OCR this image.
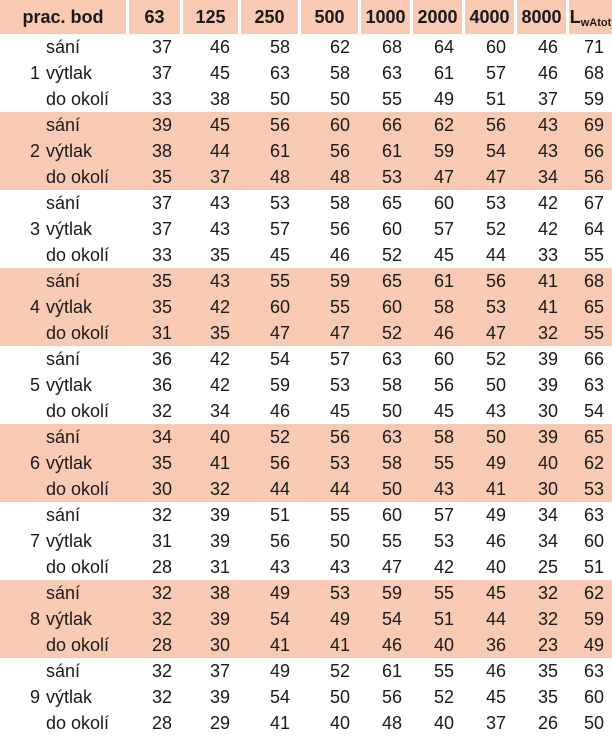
prac. bod		63	125	250	500	1000	2000	4000	8000	$L_{wAtot}$
	sání	37	46	58	62	68	64	60	46	71
1	výtlak	37	45	63	58	63	61	57	46	68
	do okolí	33	38	50	50	55	49	51	37	59
	sání	39	45	56	60	66	62	56	43	69
2	výtlak	38	44	61	56	61	59	54	43	66
	do okolí	35	37	48	48	53	47	47	34	56
	sání	37	43	53	58	65	60	53	42	67
3	výtlak	37	43	57	56	60	57	52	42	64
	do okolí	33	35	45	46	52	45	44	33	55
	sání	35	43	55	59	65	61	56	41	68
4	výtlak	35	42	60	55	60	58	53	41	65
	do okolí	31	35	47	47	52	46	47	32	55
	sání	36	42	54	57	63	60	52	39	66
5	výtlak	36	42	59	53	58	56	50	39	63
	do okolí	32	34	46	45	50	45	43	30	54
	sání	34	40	52	56	63	58	50	39	65
6	výtlak	35	41	56	53	58	55	49	40	62
	do okolí	30	32	44	44	50	43	41	30	53
	sání	32	39	51	55	60	57	49	34	63
7	výtlak	31	39	56	50	55	53	46	34	60
	do okolí	28	31	43	43	47	42	40	25	51
	sání	32	38	49	53	59	55	45	32	62
8	výtlak	32	39	54	49	54	51	44	32	59
	do okolí	28	30	41	41	46	40	36	23	49
	sání	32	37	49	52	61	55	46	35	63
9	výtlak	32	39	54	50	56	52	45	35	60
	do okolí	28	29	41	40	48	40	37	26	50
